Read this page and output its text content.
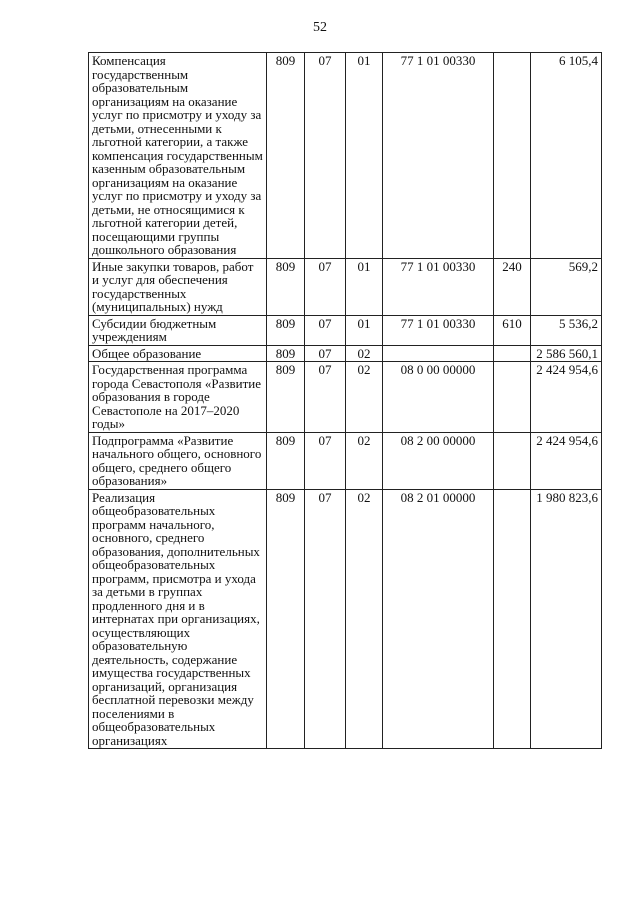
52
Компенсация государственным образовательным организациям на оказание услуг по присмотру и уходу за детьми, отнесенными к льготной категории, а также компенсация государственным казенным образовательным организациям на оказание услуг по присмотру и уходу за детьми, не относящимися к льготной категории детей, посещающими группы дошкольного образования	809	07	01	77 1 01 00330		6 105,4
Иные закупки товаров, работ и услуг для обеспечения государственных (муниципальных) нужд	809	07	01	77 1 01 00330	240	569,2
Субсидии бюджетным учреждениям	809	07	01	77 1 01 00330	610	5 536,2
Общее образование	809	07	02			2 586 560,1
Государственная программа города Севастополя «Развитие образования в городе Севастополе на 2017–2020 годы»	809	07	02	08 0 00 00000		2 424 954,6
Подпрограмма «Развитие начального общего, основного общего, среднего общего образования»	809	07	02	08 2 00 00000		2 424 954,6
Реализация общеобразовательных программ начального, основного, среднего образования, дополнительных общеобразовательных программ, присмотра и ухода за детьми в группах продленного дня и в интернатах при организациях, осуществляющих образовательную деятельность, содержание имущества государственных организаций, организация бесплатной перевозки между поселениями в общеобразовательных организациях	809	07	02	08 2 01 00000		1 980 823,6
